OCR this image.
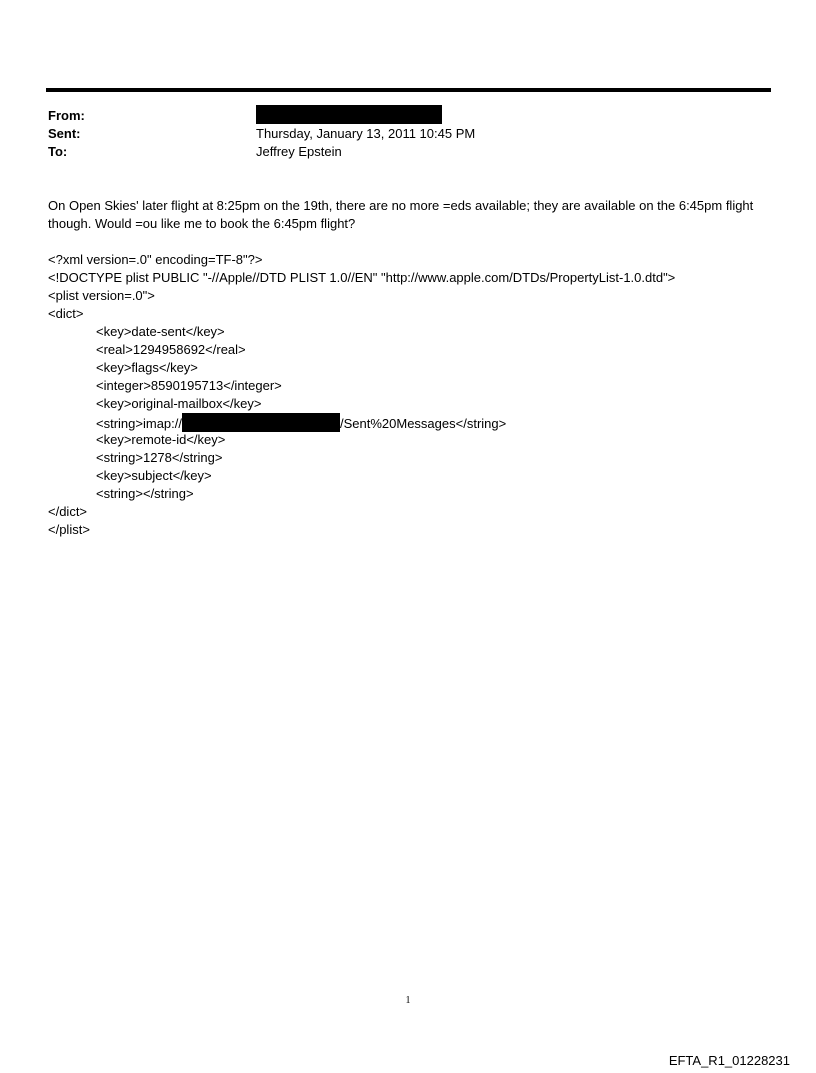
From:
Sent:	Thursday, January 13, 2011 10:45 PM
To:	Jeffrey Epstein
On Open Skies' later flight at 8:25pm on the 19th, there are no more =eds available; they are available on the 6:45pm flight though. Would =ou like me to book the 6:45pm flight?
<?xml version=.0" encoding=TF-8"?>
<!DOCTYPE plist PUBLIC "-//Apple//DTD PLIST 1.0//EN" "http://www.apple.com/DTDs/PropertyList-1.0.dtd">
<plist version=.0">
<dict>
<key>date-sent</key>
<real>1294958692</real>
<key>flags</key>
<integer>8590195713</integer>
<key>original-mailbox</key>
<string>imap://	/Sent%20Messages</string>
<key>remote-id</key>
<string>1278</string>
<key>subject</key>
<string></string>
</dict>
</plist>
1
EFTA_R1_01228231
